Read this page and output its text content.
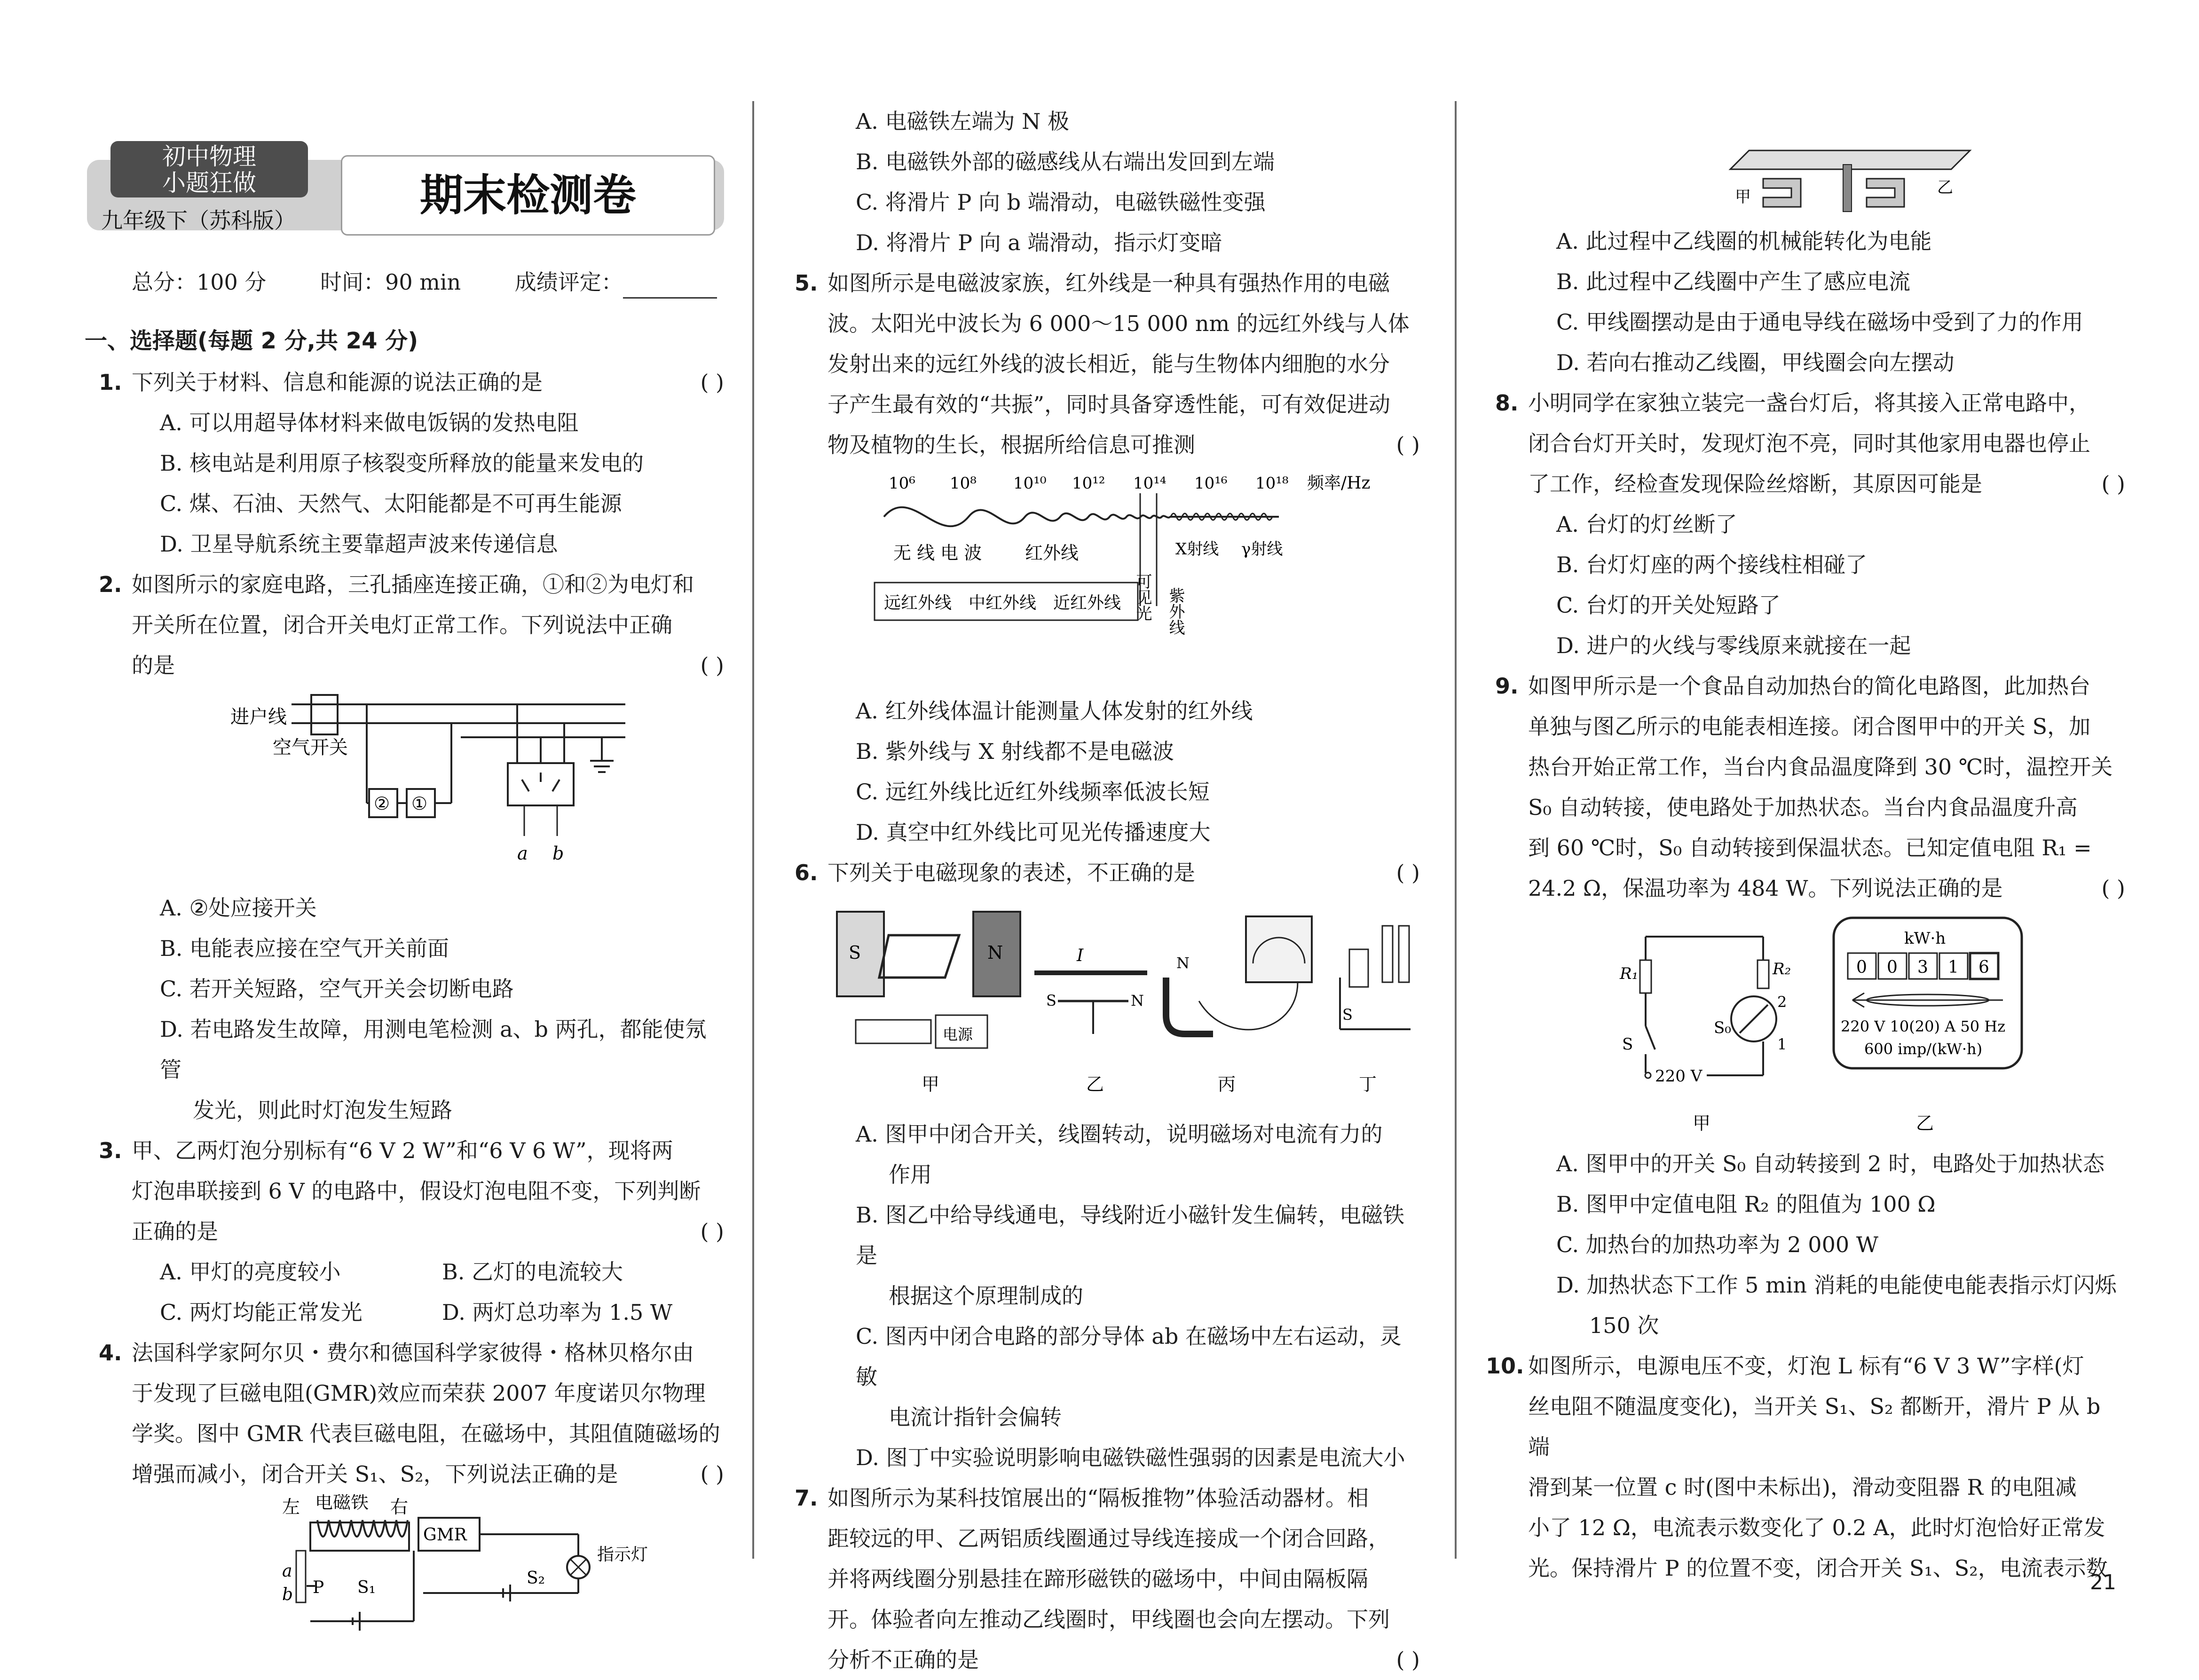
初中物理
小题狂做
九年级下（苏科版）	期末检测卷
总分：100 分 时间：90 min 成绩评定：
一、选择题(每题 2 分,共 24 分)
1. 下列关于材料、信息和能源的说法正确的是	( )
A. 可以用超导体材料来做电饭锅的发热电阻
B. 核电站是利用原子核裂变所释放的能量来发电的
C. 煤、石油、天然气、太阳能都是不可再生能源
D. 卫星导航系统主要靠超声波来传递信息
2. 如图所示的家庭电路，三孔插座连接正确，①和②为电灯和
开关所在位置，闭合开关电灯正常工作。下列说法中正确
的是	( )
进户线
空气开关
② ①
a b
A. ②处应接开关
B. 电能表应接在空气开关前面
C. 若开关短路，空气开关会切断电路
D. 若电路发生故障，用测电笔检测 a、b 两孔，都能使氖管
发光，则此时灯泡发生短路
3. 甲、乙两灯泡分别标有“6 V 2 W”和“6 V 6 W”，现将两
灯泡串联接到 6 V 的电路中，假设灯泡电阻不变，下列判断
正确的是	( )
A. 甲灯的亮度较小	B. 乙灯的电流较大
C. 两灯均能正常发光	D. 两灯总功率为 1.5 W
4. 法国科学家阿尔贝・费尔和德国科学家彼得・格林贝格尔由
于发现了巨磁电阻(GMR)效应而荣获 2007 年度诺贝尔物理
学奖。图中 GMR 代表巨磁电阻，在磁场中，其阻值随磁场的
增强而减小，闭合开关 S₁、S₂，下列说法正确的是	( )
左 电磁铁 右
a
b P S₁
GMR
指示灯
S₂
A. 电磁铁左端为 N 极
B. 电磁铁外部的磁感线从右端出发回到左端
C. 将滑片 P 向 b 端滑动，电磁铁磁性变强
D. 将滑片 P 向 a 端滑动，指示灯变暗
5. 如图所示是电磁波家族，红外线是一种具有强热作用的电磁
波。太阳光中波长为 6 000～15 000 nm 的远红外线与人体
发射出来的远红外线的波长相近，能与生物体内细胞的水分
子产生最有效的“共振”，同时具备穿透性能，可有效促进动
物及植物的生长，根据所给信息可推测	( )
10⁶ 10⁸ 10¹⁰ 10¹² 10¹⁴ 10¹⁶ 10¹⁸ 频率/Hz
无 线 电 波 红外线
可见光 紫外线
X射线 γ射线
远红外线 中红外线 近红外线
A. 红外线体温计能测量人体发射的红外线
B. 紫外线与 X 射线都不是电磁波
C. 远红外线比近红外线频率低波长短
D. 真空中红外线比可见光传播速度大
6. 下列关于电磁现象的表述，不正确的是	( )
S	N
电源
甲
I
S	N
乙
N
丙
S
丁
A. 图甲中闭合开关，线圈转动，说明磁场对电流有力的
作用
B. 图乙中给导线通电，导线附近小磁针发生偏转，电磁铁是
根据这个原理制成的
C. 图丙中闭合电路的部分导体 ab 在磁场中左右运动，灵敏
电流计指针会偏转
D. 图丁中实验说明影响电磁铁磁性强弱的因素是电流大小
7. 如图所示为某科技馆展出的“隔板推物”体验活动器材。相
距较远的甲、乙两铝质线圈通过导线连接成一个闭合回路，
并将两线圈分别悬挂在蹄形磁铁的磁场中，中间由隔板隔
开。体验者向左推动乙线圈时，甲线圈也会向左摆动。下列
分析不正确的是	( )
甲	乙
A. 此过程中乙线圈的机械能转化为电能
B. 此过程中乙线圈中产生了感应电流
C. 甲线圈摆动是由于通电导线在磁场中受到了力的作用
D. 若向右推动乙线圈，甲线圈会向左摆动
8. 小明同学在家独立装完一盏台灯后，将其接入正常电路中，
闭合台灯开关时，发现灯泡不亮，同时其他家用电器也停止
了工作，经检查发现保险丝熔断，其原因可能是	( )
A. 台灯的灯丝断了
B. 台灯灯座的两个接线柱相碰了
C. 台灯的开关处短路了
D. 进户的火线与零线原来就接在一起
9. 如图甲所示是一个食品自动加热台的简化电路图，此加热台
单独与图乙所示的电能表相连接。闭合图甲中的开关 S，加
热台开始正常工作，当台内食品温度降到 30 ℃时，温控开关
S₀ 自动转接，使电路处于加热状态。当台内食品温度升高
到 60 ℃时，S₀ 自动转接到保温状态。已知定值电阻 R₁ =
24.2 Ω，保温功率为 484 W。下列说法正确的是	( )
R₁
S
220 V
R₂
S₀
2
1
甲
kW·h
0 0 3 1 6
220 V 10(20) A 50 Hz
600 imp/(kW·h)
乙
A. 图甲中的开关 S₀ 自动转接到 2 时，电路处于加热状态
B. 图甲中定值电阻 R₂ 的阻值为 100 Ω
C. 加热台的加热功率为 2 000 W
D. 加热状态下工作 5 min 消耗的电能使电能表指示灯闪烁
150 次
10. 如图所示，电源电压不变，灯泡 L 标有“6 V 3 W”字样(灯
丝电阻不随温度变化)，当开关 S₁、S₂ 都断开，滑片 P 从 b 端
滑到某一位置 c 时(图中未标出)，滑动变阻器 R 的电阻减
小了 12 Ω，电流表示数变化了 0.2 A，此时灯泡恰好正常发
光。保持滑片 P 的位置不变，闭合开关 S₁、S₂，电流表示数
21
